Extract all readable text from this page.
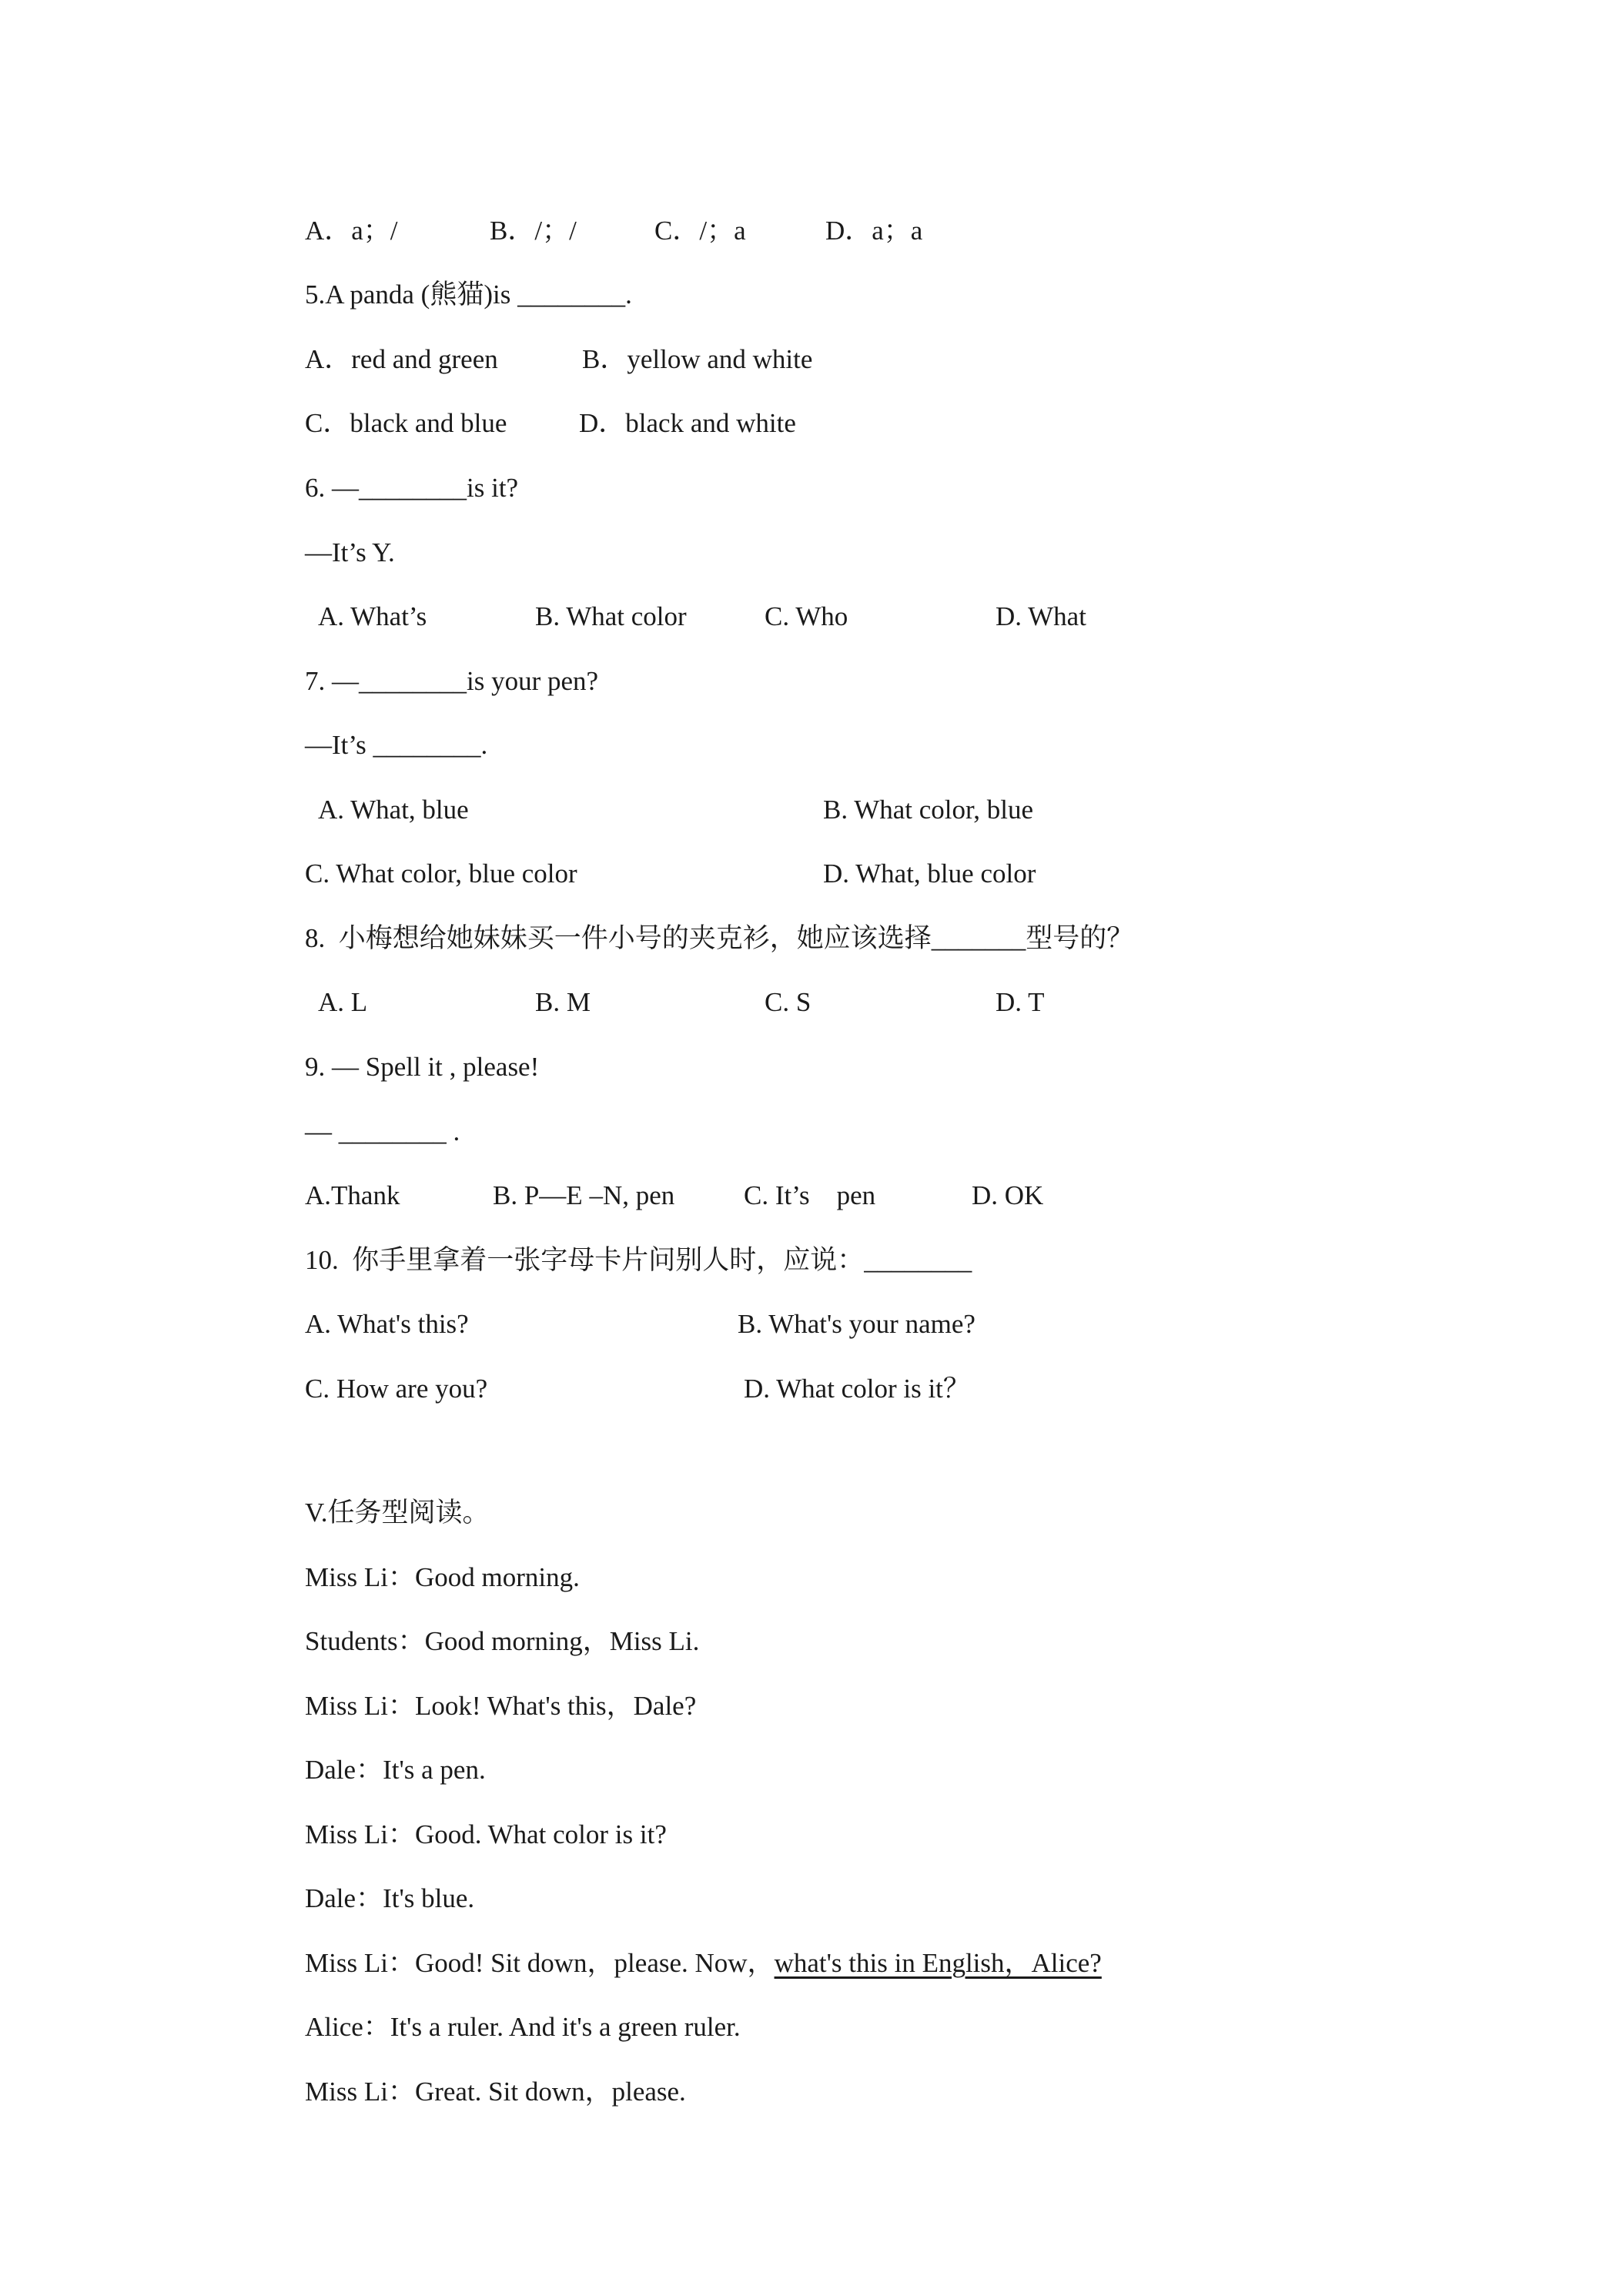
A．a；/	B．/；/	C．/；a	D．a；a
5.A panda (熊猫)is ________.
A．red and green	B．yellow and white
C．black and blue	D．black and white
6. —________is it?
—It’s Y.
A. What’s	B. What color	C. Who	D. What
7. —________is your pen?
—It’s ________.
A. What, blue	B. What color, blue
C. What color, blue color	D. What, blue color
8.  小梅想给她妹妹买一件小号的夹克衫，她应该选择_______型号的？
A. L	B. M	C. S	D. T
9. — Spell it , please!
— ________ .
A.Thank	B. P—E –N, pen	C. It’s    pen	D. OK
10.  你手里拿着一张字母卡片问别人时，应说：________
A. What's this?	B. What's your name?
C. How are you?	D. What color is it？
V.任务型阅读。
Miss Li：Good morning.
Students：Good morning，Miss Li.
Miss Li：Look! What's this，Dale?
Dale：It's a pen.
Miss Li：Good. What color is it?
Dale：It's blue.
Miss Li：Good! Sit down，please. Now，what's this in English，Alice?
Alice：It's a ruler. And it's a green ruler.
Miss Li：Great. Sit down，please.
